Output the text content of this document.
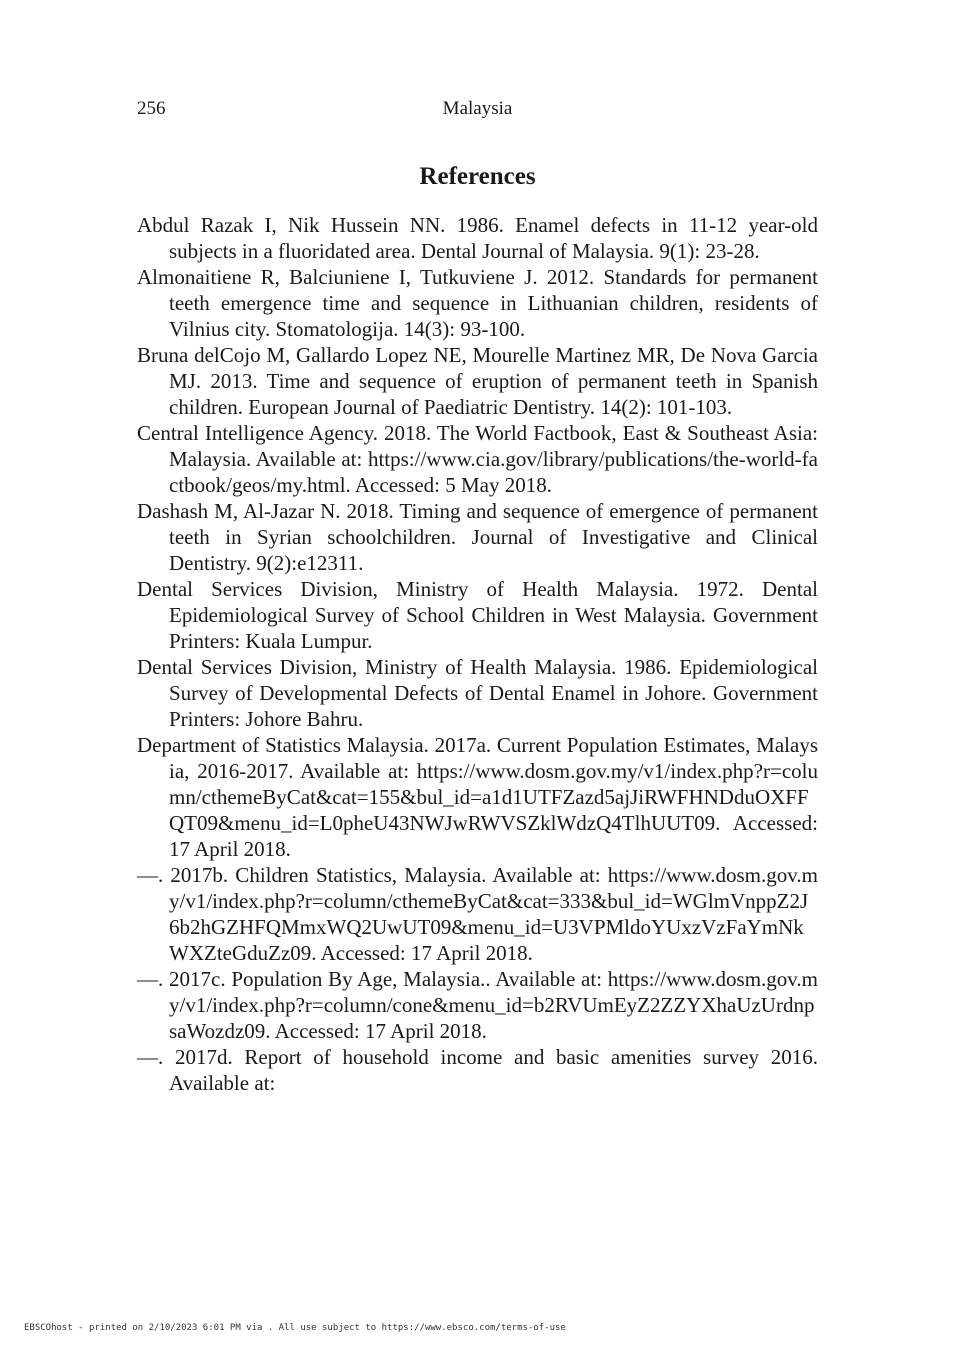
256	Malaysia
References
Abdul Razak I, Nik Hussein NN. 1986. Enamel defects in 11-12 year-old subjects in a fluoridated area. Dental Journal of Malaysia. 9(1): 23-28.
Almonaitiene R, Balciuniene I, Tutkuviene J. 2012. Standards for permanent teeth emergence time and sequence in Lithuanian children, residents of Vilnius city. Stomatologija. 14(3): 93-100.
Bruna delCojo M, Gallardo Lopez NE, Mourelle Martinez MR, De Nova Garcia MJ. 2013. Time and sequence of eruption of permanent teeth in Spanish children. European Journal of Paediatric Dentistry. 14(2): 101-103.
Central Intelligence Agency. 2018. The World Factbook, East & Southeast Asia: Malaysia. Available at: https://www.cia.gov/library/publications/the-world-factbook/geos/my.html. Accessed: 5 May 2018.
Dashash M, Al-Jazar N. 2018. Timing and sequence of emergence of permanent teeth in Syrian schoolchildren. Journal of Investigative and Clinical Dentistry. 9(2):e12311.
Dental Services Division, Ministry of Health Malaysia. 1972. Dental Epidemiological Survey of School Children in West Malaysia. Government Printers: Kuala Lumpur.
Dental Services Division, Ministry of Health Malaysia. 1986. Epidemiological Survey of Developmental Defects of Dental Enamel in Johore. Government Printers: Johore Bahru.
Department of Statistics Malaysia. 2017a. Current Population Estimates, Malaysia, 2016-2017. Available at: https://www.dosm.gov.my/v1/index.php?r=column/cthemeByCat&cat=155&bul_id=a1d1UTFZazd5ajJiRWFHNDduOXFFQT09&menu_id=L0pheU43NWJwRWVSZklWdzQ4TlhUUT09. Accessed: 17 April 2018.
—. 2017b. Children Statistics, Malaysia. Available at: https://www.dosm.gov.my/v1/index.php?r=column/cthemeByCat&cat=333&bul_id=WGlmVnppZ2J6b2hGZHFQMmxWQ2UwUT09&menu_id=U3VPMldoYUxzVzFaYmNkWXZteGduZz09. Accessed: 17 April 2018.
—. 2017c. Population By Age, Malaysia.. Available at: https://www.dosm.gov.my/v1/index.php?r=column/cone&menu_id=b2RVUmEyZ2ZZYXhaUzUrdnpsaWozdz09. Accessed: 17 April 2018.
—. 2017d. Report of household income and basic amenities survey 2016. Available at:
EBSCOhost - printed on 2/10/2023 6:01 PM via . All use subject to https://www.ebsco.com/terms-of-use
